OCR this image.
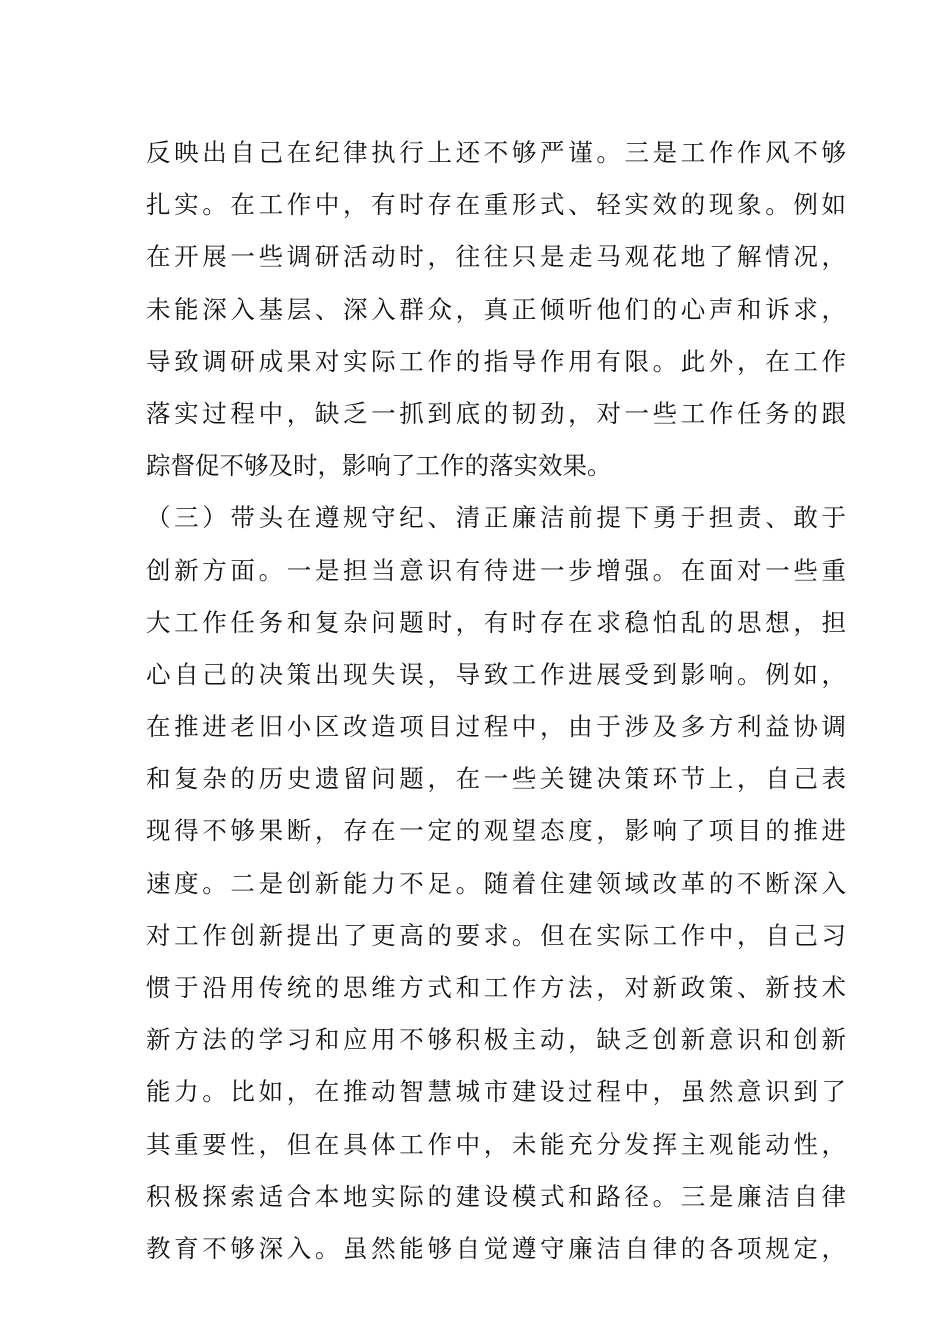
反映出自己在纪律执行上还不够严谨。三是工作作风不够
扎实。在工作中，有时存在重形式、轻实效的现象。例如
在开展一些调研活动时，往往只是走马观花地了解情况，
未能深入基层、深入群众，真正倾听他们的心声和诉求，
导致调研成果对实际工作的指导作用有限。此外，在工作
落实过程中，缺乏一抓到底的韧劲，对一些工作任务的跟
踪督促不够及时，影响了工作的落实效果。
（三）带头在遵规守纪、清正廉洁前提下勇于担责、敢于
创新方面。一是担当意识有待进一步增强。在面对一些重
大工作任务和复杂问题时，有时存在求稳怕乱的思想，担
心自己的决策出现失误，导致工作进展受到影响。例如，
在推进老旧小区改造项目过程中，由于涉及多方利益协调
和复杂的历史遗留问题，在一些关键决策环节上，自己表
现得不够果断，存在一定的观望态度，影响了项目的推进
速度。二是创新能力不足。随着住建领域改革的不断深入
对工作创新提出了更高的要求。但在实际工作中，自己习
惯于沿用传统的思维方式和工作方法，对新政策、新技术
新方法的学习和应用不够积极主动，缺乏创新意识和创新
能力。比如，在推动智慧城市建设过程中，虽然意识到了
其重要性，但在具体工作中，未能充分发挥主观能动性，
积极探索适合本地实际的建设模式和路径。三是廉洁自律
教育不够深入。虽然能够自觉遵守廉洁自律的各项规定，
